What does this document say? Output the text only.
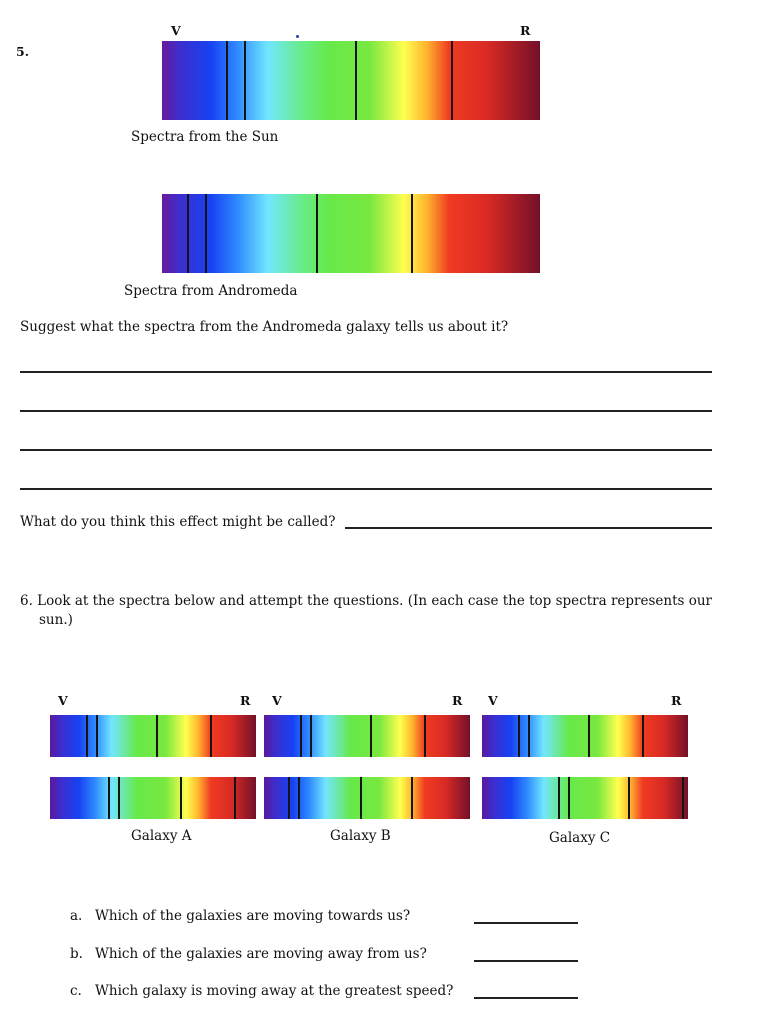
5.
V	R
Spectra from the Sun
Spectra from Andromeda
Suggest what the spectra from the Andromeda galaxy tells us about it?
What do you think this effect might be called?
6. Look at the spectra below and attempt the questions. (In each case the top spectra represents our
sun.)
V	R
Galaxy A
V	R
Galaxy B
V	R
Galaxy C
a. Which of the galaxies are moving towards us?
b. Which of the galaxies are moving away from us?
c. Which galaxy is moving away at the greatest speed?
